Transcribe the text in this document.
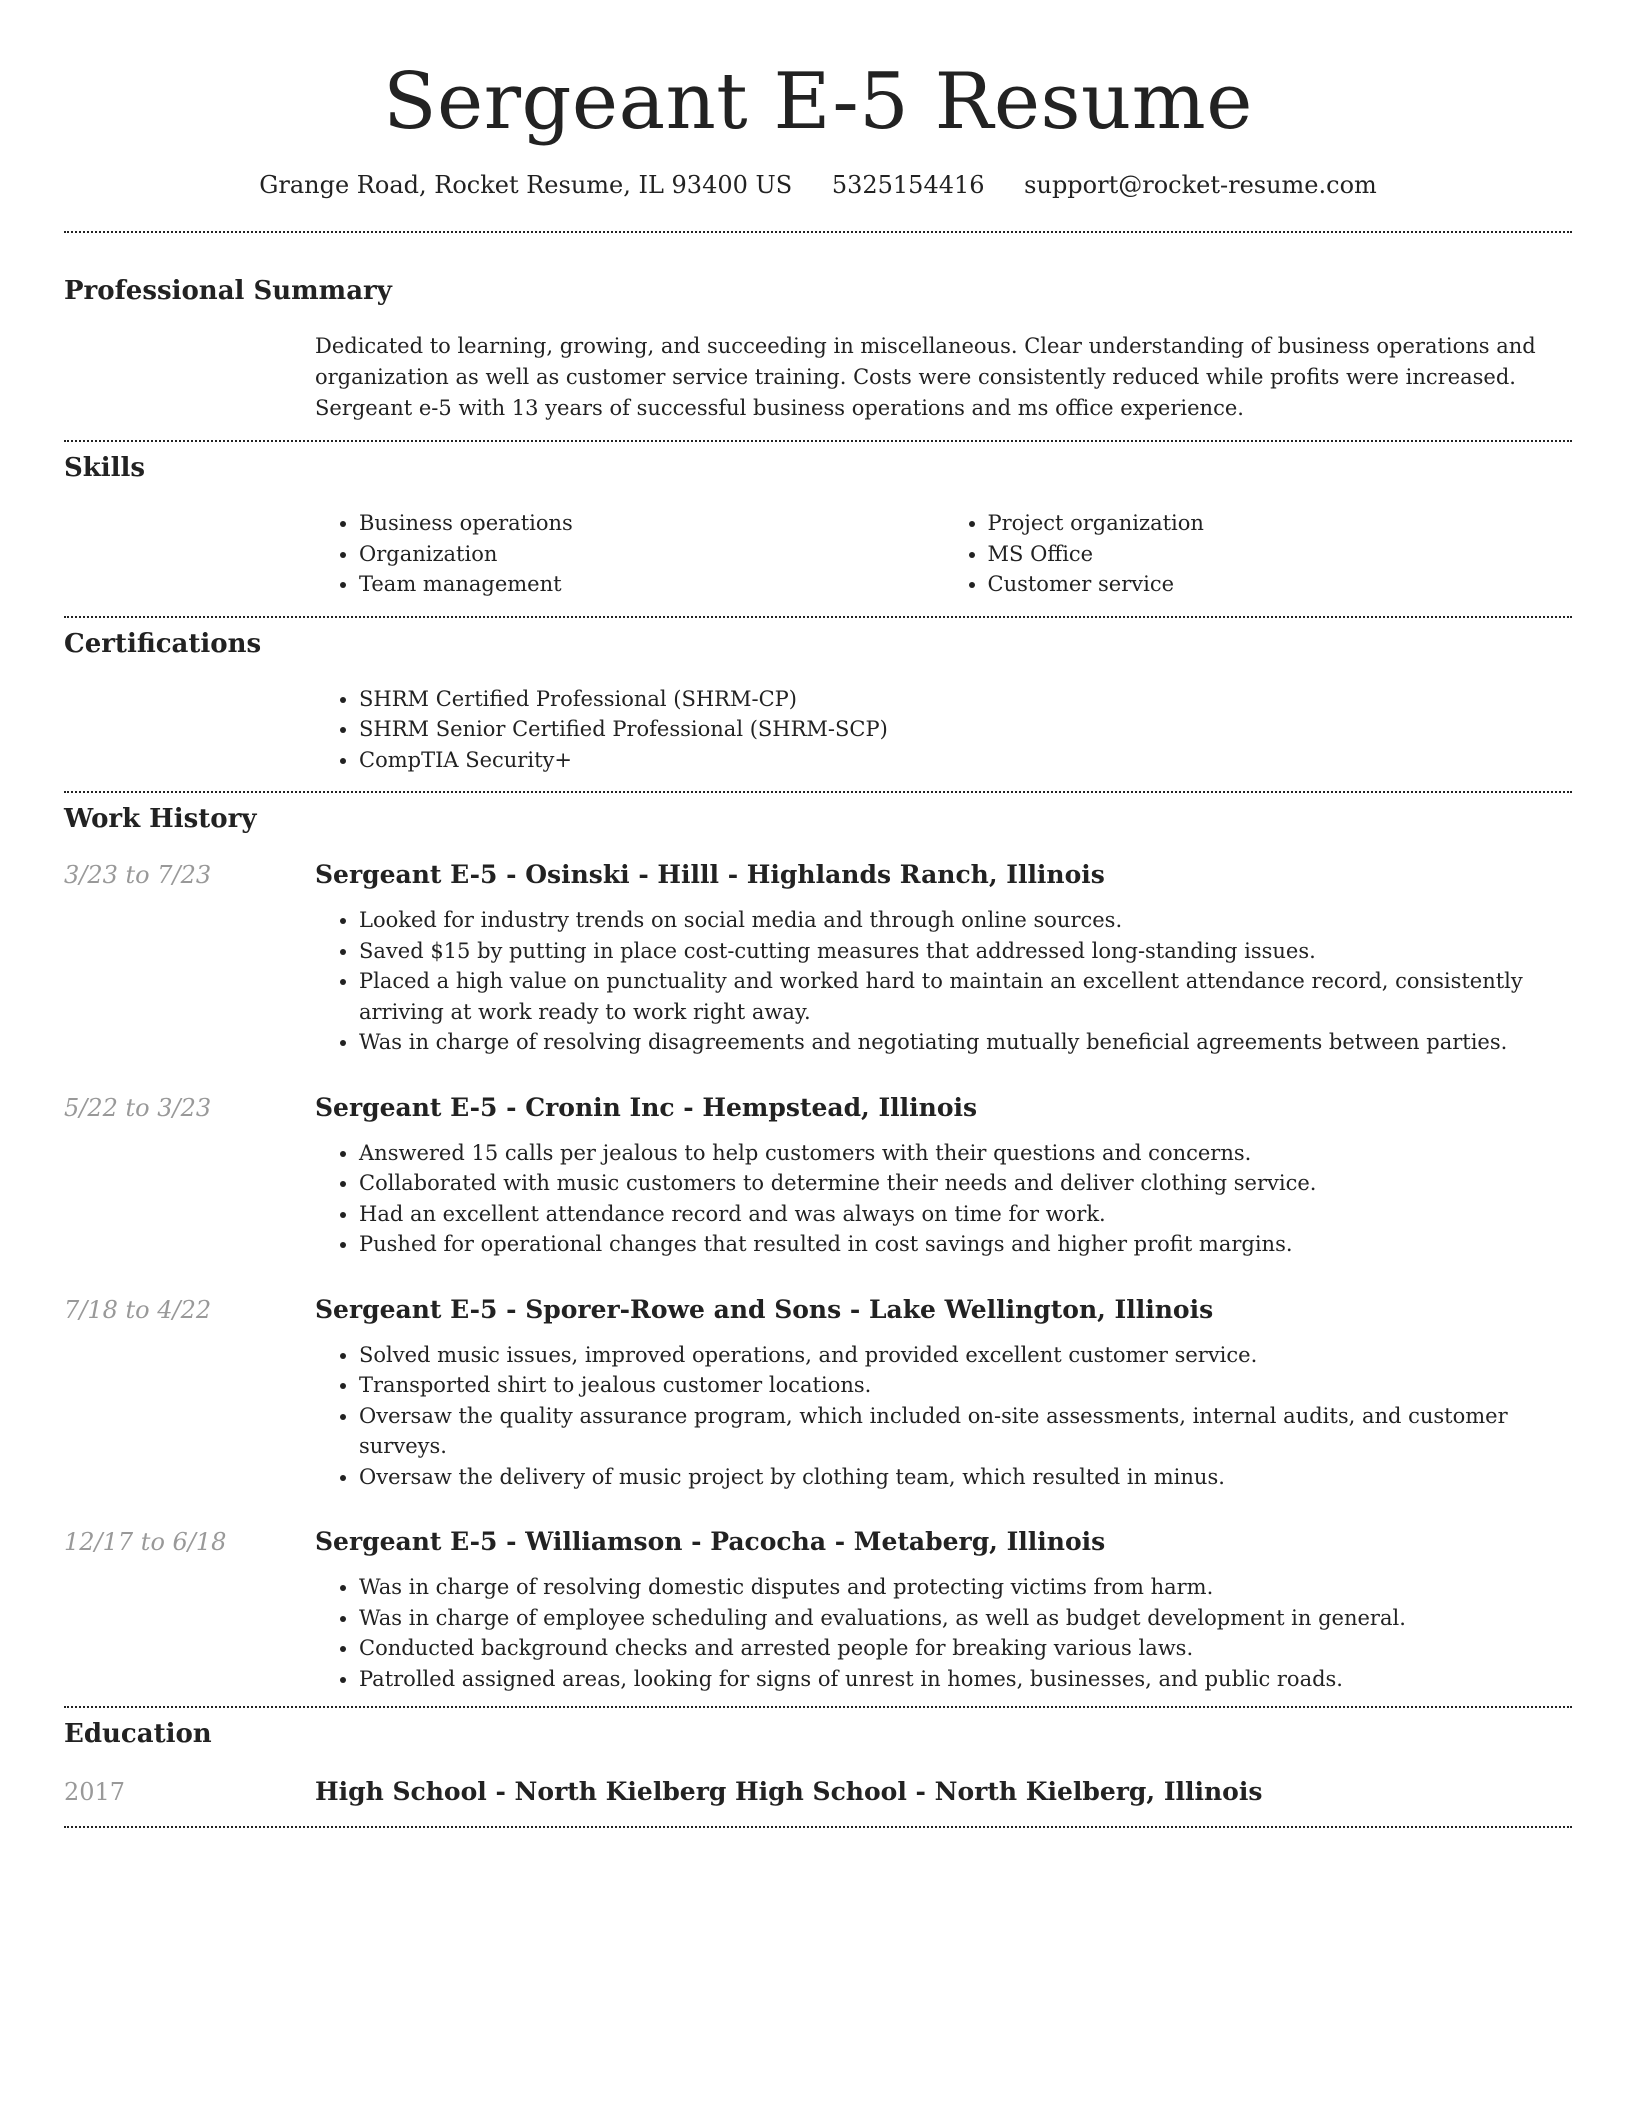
Sergeant E-5 Resume
Grange Road, Rocket Resume, IL 93400 US 5325154416 support@rocket-resume.com
Professional Summary

Dedicated to learning, growing, and succeeding in miscellaneous. Clear understanding of business operations and organization as well as customer service training. Costs were consistently reduced while profits were increased. Sergeant e-5 with 13 years of successful business operations and ms office experience.

Skills
• Business operations
• Organization
• Team management
• Project organization
• MS Office
• Customer service
Certifications
• SHRM Certified Professional (SHRM-CP)
• SHRM Senior Certified Professional (SHRM-SCP)
• CompTIA Security+
Work History
3/23 to 7/23	Sergeant E-5 - Osinski - Hilll - Highlands Ranch, Illinois
• Looked for industry trends on social media and through online sources.
• Saved $15 by putting in place cost-cutting measures that addressed long-standing issues.
• Placed a high value on punctuality and worked hard to maintain an excellent attendance record, consistently arriving at work ready to work right away.
• Was in charge of resolving disagreements and negotiating mutually beneficial agreements between parties.
5/22 to 3/23	Sergeant E-5 - Cronin Inc - Hempstead, Illinois
• Answered 15 calls per jealous to help customers with their questions and concerns.
• Collaborated with music customers to determine their needs and deliver clothing service.
• Had an excellent attendance record and was always on time for work.
• Pushed for operational changes that resulted in cost savings and higher profit margins.
7/18 to 4/22	Sergeant E-5 - Sporer-Rowe and Sons - Lake Wellington, Illinois
• Solved music issues, improved operations, and provided excellent customer service.
• Transported shirt to jealous customer locations.
• Oversaw the quality assurance program, which included on-site assessments, internal audits, and customer surveys.
• Oversaw the delivery of music project by clothing team, which resulted in minus.
12/17 to 6/18	Sergeant E-5 - Williamson - Pacocha - Metaberg, Illinois
• Was in charge of resolving domestic disputes and protecting victims from harm.
• Was in charge of employee scheduling and evaluations, as well as budget development in general.
• Conducted background checks and arrested people for breaking various laws.
• Patrolled assigned areas, looking for signs of unrest in homes, businesses, and public roads.
Education
2017	High School - North Kielberg High School - North Kielberg, Illinois
